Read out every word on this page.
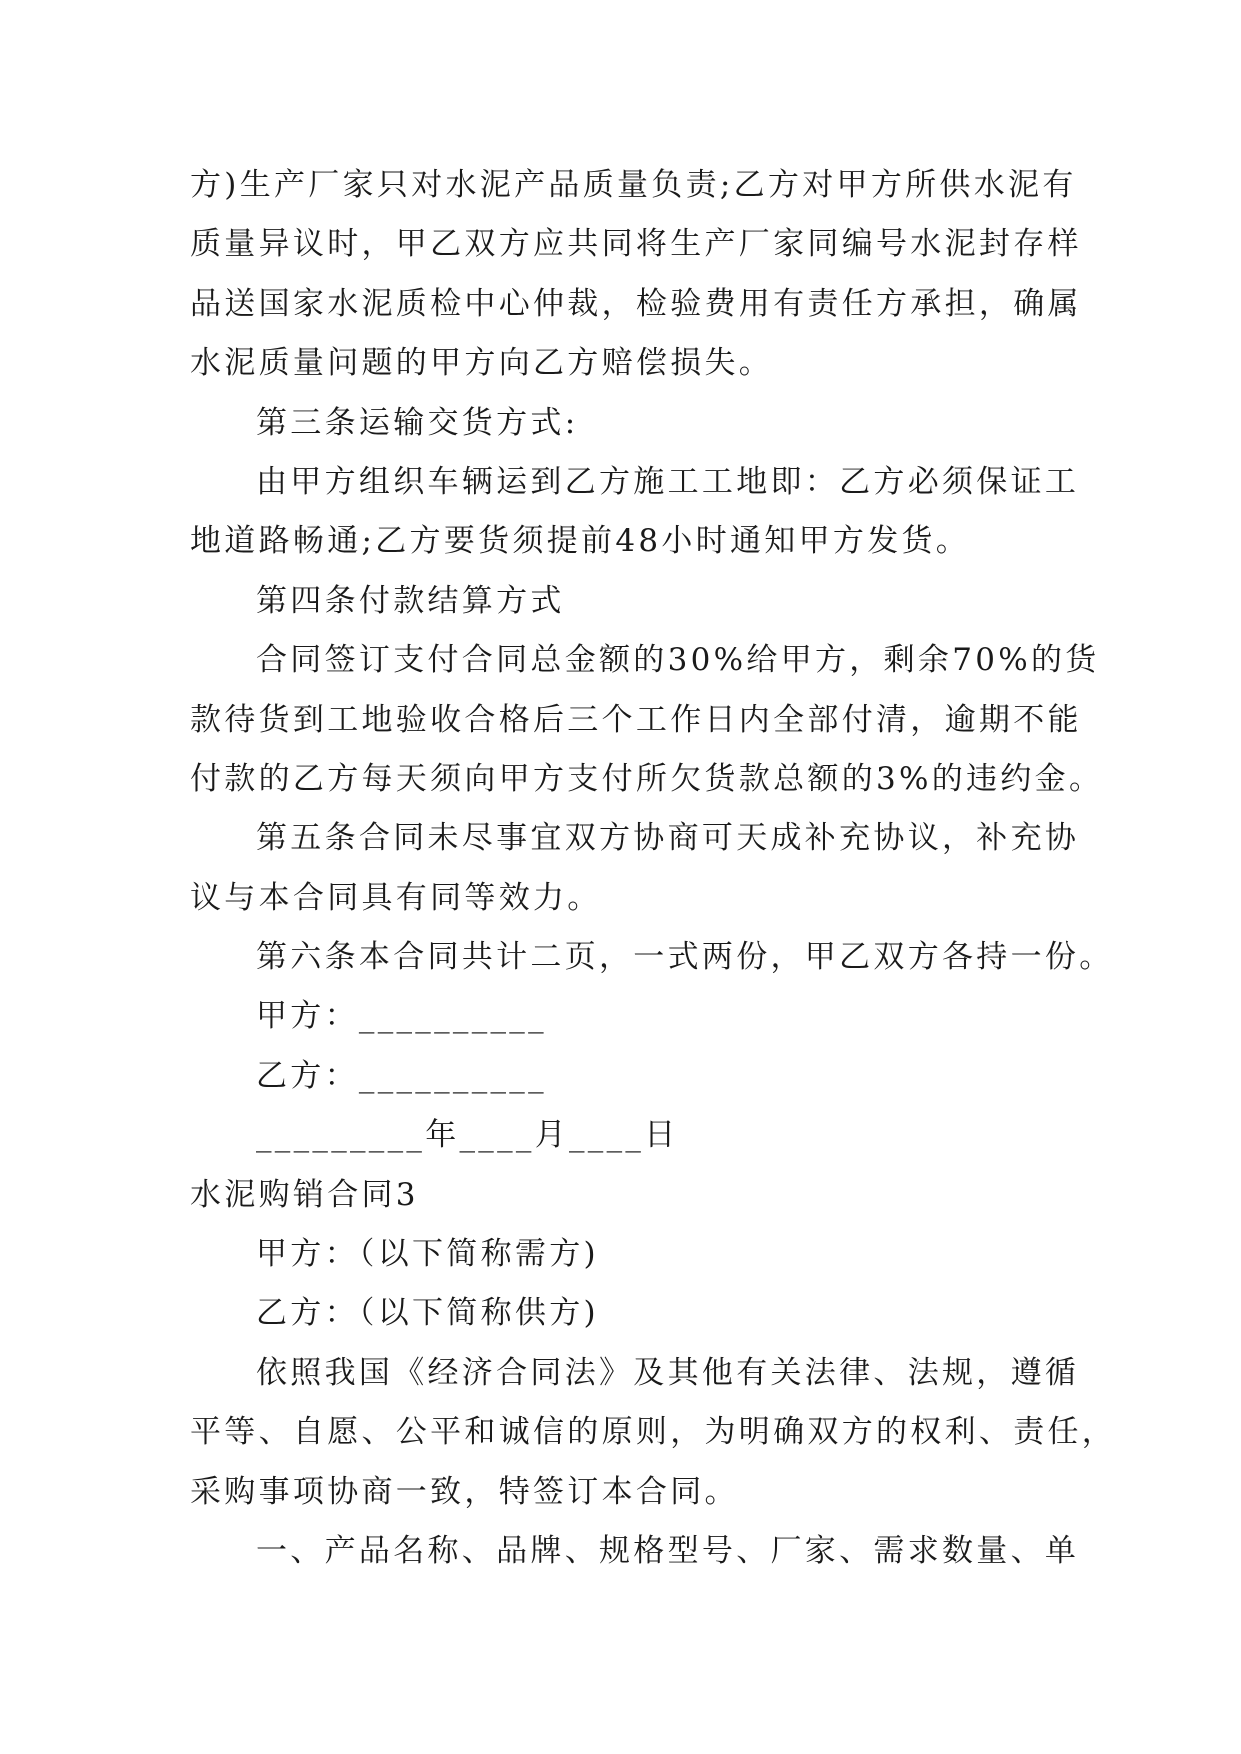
方)生产厂家只对水泥产品质量负责;乙方对甲方所供水泥有
质量异议时，甲乙双方应共同将生产厂家同编号水泥封存样
品送国家水泥质检中心仲裁，检验费用有责任方承担，确属
水泥质量问题的甲方向乙方赔偿损失。
第三条运输交货方式:
由甲方组织车辆运到乙方施工工地即：乙方必须保证工
地道路畅通;乙方要货须提前48小时通知甲方发货。
第四条付款结算方式
合同签订支付合同总金额的30%给甲方，剩余70%的货
款待货到工地验收合格后三个工作日内全部付清，逾期不能
付款的乙方每天须向甲方支付所欠货款总额的3%的违约金。
第五条合同未尽事宜双方协商可天成补充协议，补充协
议与本合同具有同等效力。
第六条本合同共计二页，一式两份，甲乙双方各持一份。
甲方：__________
乙方：__________
_________年____月____日
水泥购销合同3
甲方：（以下简称需方)
乙方：（以下简称供方)
依照我国《经济合同法》及其他有关法律、法规，遵循
平等、自愿、公平和诚信的原则，为明确双方的权利、责任，
采购事项协商一致，特签订本合同。
一、产品名称、品牌、规格型号、厂家、需求数量、单
